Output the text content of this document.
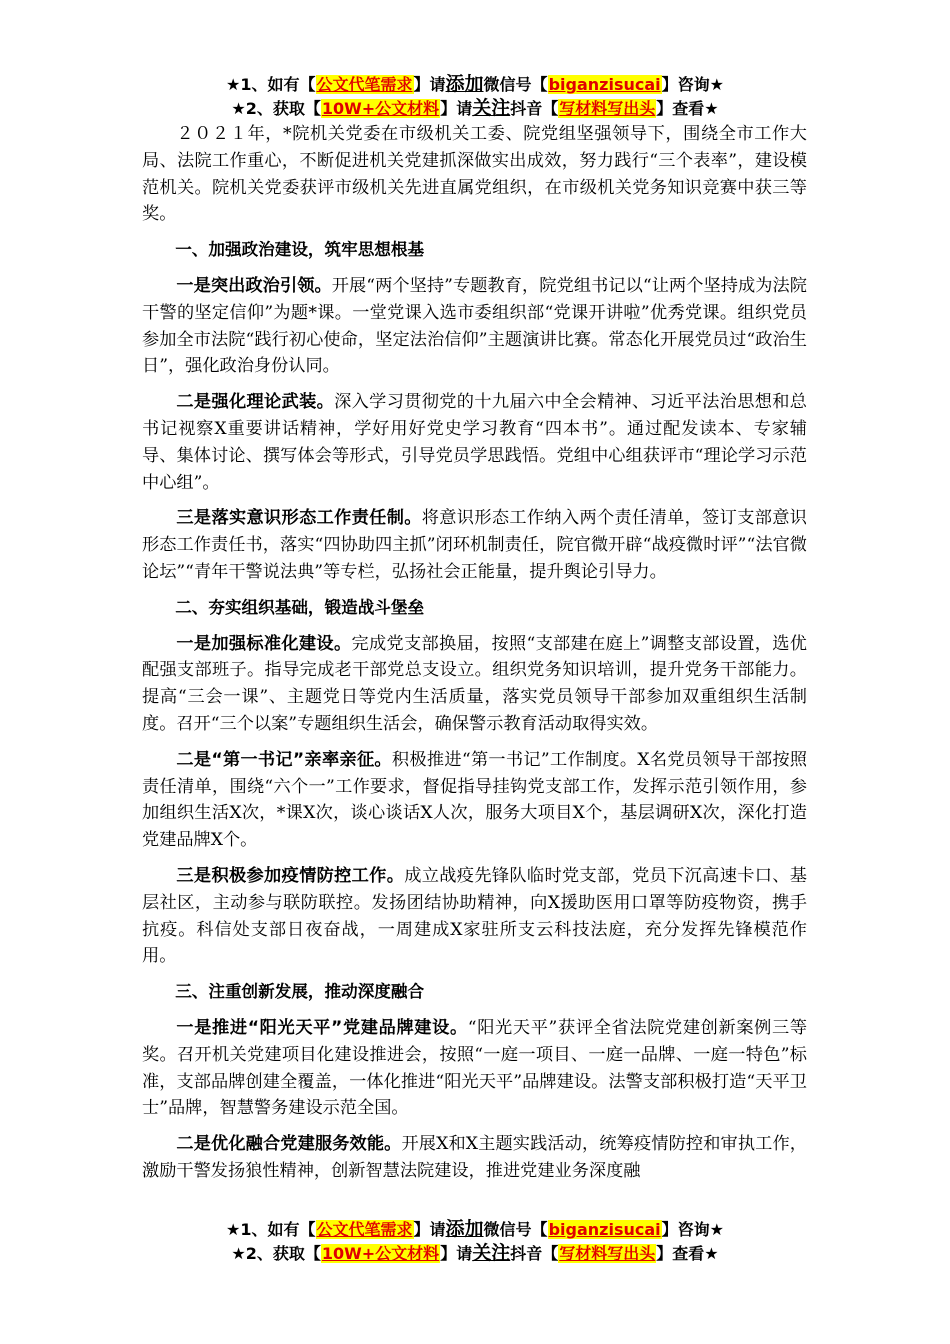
★1、如有【公文代笔需求】请添加微信号【biganzisucai】咨询★
★2、获取【10W+公文材料】请关注抖音【写材料写出头】查看★

２０２１年，*院机关党委在市级机关工委、院党组坚强领导下，围绕全市工作大局、法院工作重心，不断促进机关党建抓深做实出成效，努力践行“三个表率”，建设模范机关。院机关党委获评市级机关先进直属党组织，在市级机关党务知识竞赛中获三等奖。

一、加强政治建设，筑牢思想根基

一是突出政治引领。开展“两个坚持”专题教育，院党组书记以“让两个坚持成为法院干警的坚定信仰”为题*课。一堂党课入选市委组织部“党课开讲啦”优秀党课。组织党员参加全市法院“践行初心使命，坚定法治信仰”主题演讲比赛。常态化开展党员过“政治生日”，强化政治身份认同。

二是强化理论武装。深入学习贯彻党的十九届六中全会精神、习近平法治思想和总书记视察X重要讲话精神，学好用好党史学习教育“四本书”。通过配发读本、专家辅导、集体讨论、撰写体会等形式，引导党员学思践悟。党组中心组获评市“理论学习示范中心组”。

三是落实意识形态工作责任制。将意识形态工作纳入两个责任清单，签订支部意识形态工作责任书，落实“四协助四主抓”闭环机制责任，院官微开辟“战疫微时评”“法官微论坛”“青年干警说法典”等专栏，弘扬社会正能量，提升舆论引导力。

二、夯实组织基础，锻造战斗堡垒

一是加强标准化建设。完成党支部换届，按照“支部建在庭上”调整支部设置，选优配强支部班子。指导完成老干部党总支设立。组织党务知识培训，提升党务干部能力。提高“三会一课”、主题党日等党内生活质量，落实党员领导干部参加双重组织生活制度。召开“三个以案”专题组织生活会，确保警示教育活动取得实效。

二是“第一书记”亲率亲征。积极推进“第一书记”工作制度。X名党员领导干部按照责任清单，围绕“六个一”工作要求，督促指导挂钩党支部工作，发挥示范引领作用，参加组织生活X次，*课X次，谈心谈话X人次，服务大项目X个，基层调研X次，深化打造党建品牌X个。

三是积极参加疫情防控工作。成立战疫先锋队临时党支部，党员下沉高速卡口、基层社区，主动参与联防联控。发扬团结协助精神，向X援助医用口罩等防疫物资，携手抗疫。科信处支部日夜奋战，一周建成X家驻所支云科技法庭，充分发挥先锋模范作用。

三、注重创新发展，推动深度融合

一是推进“阳光天平”党建品牌建设。“阳光天平”获评全省法院党建创新案例三等奖。召开机关党建项目化建设推进会，按照“一庭一项目、一庭一品牌、一庭一特色”标准，支部品牌创建全覆盖，一体化推进“阳光天平”品牌建设。法警支部积极打造“天平卫士”品牌，智慧警务建设示范全国。

二是优化融合党建服务效能。开展X和X主题实践活动，统筹疫情防控和审执工作，激励干警发扬狼性精神，创新智慧法院建设，推进党建业务深度融

★1、如有【公文代笔需求】请添加微信号【biganzisucai】咨询★
★2、获取【10W+公文材料】请关注抖音【写材料写出头】查看★
